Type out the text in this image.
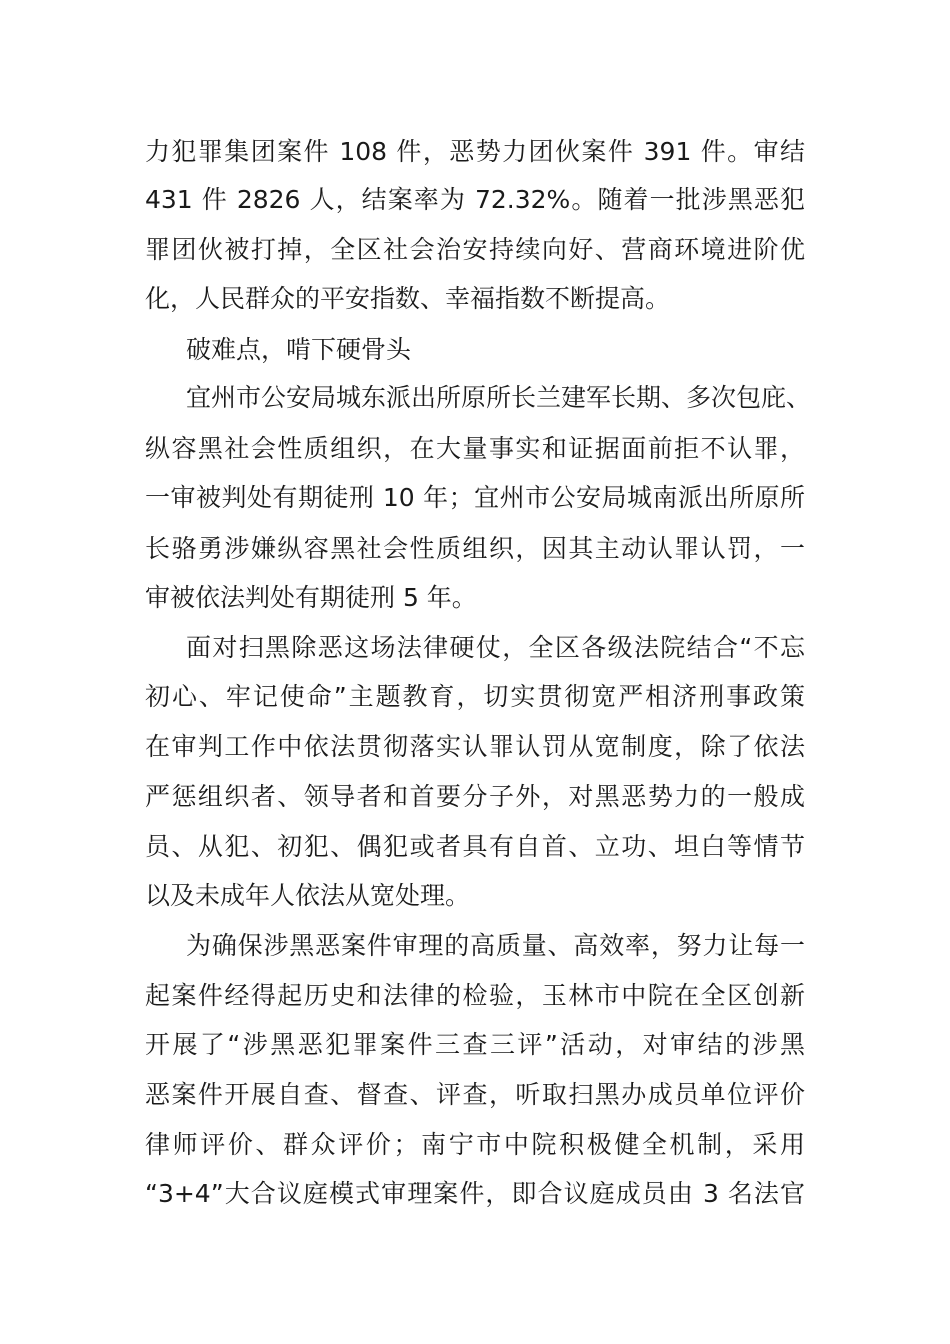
力犯罪集团案件 108 件，恶势力团伙案件 391 件。审结
431 件 2826 人，结案率为 72.32%。随着一批涉黑恶犯
罪团伙被打掉，全区社会治安持续向好、营商环境进阶优
化，人民群众的平安指数、幸福指数不断提高。
破难点，啃下硬骨头
宜州市公安局城东派出所原所长兰建军长期、多次包庇、
纵容黑社会性质组织，在大量事实和证据面前拒不认罪，
一审被判处有期徒刑 10 年；宜州市公安局城南派出所原所
长骆勇涉嫌纵容黑社会性质组织，因其主动认罪认罚，一
审被依法判处有期徒刑 5 年。
面对扫黑除恶这场法律硬仗，全区各级法院结合“不忘
初心、牢记使命”主题教育，切实贯彻宽严相济刑事政策
在审判工作中依法贯彻落实认罪认罚从宽制度，除了依法
严惩组织者、领导者和首要分子外，对黑恶势力的一般成
员、从犯、初犯、偶犯或者具有自首、立功、坦白等情节
以及未成年人依法从宽处理。
为确保涉黑恶案件审理的高质量、高效率，努力让每一
起案件经得起历史和法律的检验，玉林市中院在全区创新
开展了“涉黑恶犯罪案件三查三评”活动，对审结的涉黑
恶案件开展自查、督查、评查，听取扫黑办成员单位评价
律师评价、群众评价；南宁市中院积极健全机制，采用
“3+4”大合议庭模式审理案件，即合议庭成员由 3 名法官
